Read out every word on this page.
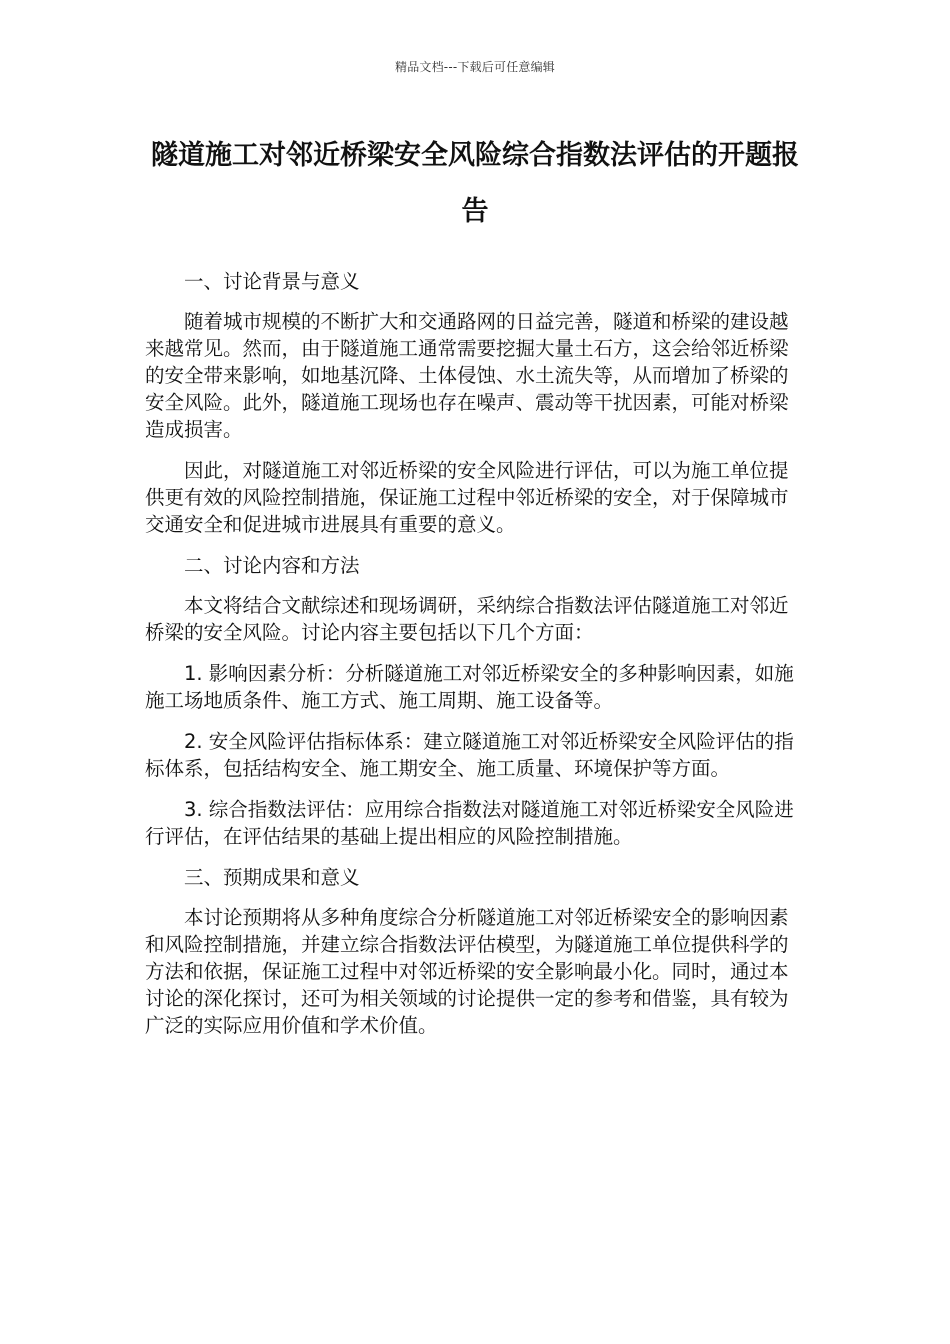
精品文档---下载后可任意编辑
隧道施工对邻近桥梁安全风险综合指数法评估的开题报告

一、讨论背景与意义

随着城市规模的不断扩大和交通路网的日益完善，隧道和桥梁的建设越来越常见。然而，由于隧道施工通常需要挖掘大量土石方，这会给邻近桥梁的安全带来影响，如地基沉降、土体侵蚀、水土流失等，从而增加了桥梁的安全风险。此外，隧道施工现场也存在噪声、震动等干扰因素，可能对桥梁造成损害。

因此，对隧道施工对邻近桥梁的安全风险进行评估，可以为施工单位提供更有效的风险控制措施，保证施工过程中邻近桥梁的安全，对于保障城市交通安全和促进城市进展具有重要的意义。

二、讨论内容和方法

本文将结合文献综述和现场调研，采纳综合指数法评估隧道施工对邻近桥梁的安全风险。讨论内容主要包括以下几个方面：

1. 影响因素分析：分析隧道施工对邻近桥梁安全的多种影响因素，如施施工场地质条件、施工方式、施工周期、施工设备等。

2. 安全风险评估指标体系：建立隧道施工对邻近桥梁安全风险评估的指标体系，包括结构安全、施工期安全、施工质量、环境保护等方面。

3. 综合指数法评估：应用综合指数法对隧道施工对邻近桥梁安全风险进行评估，在评估结果的基础上提出相应的风险控制措施。

三、预期成果和意义

本讨论预期将从多种角度综合分析隧道施工对邻近桥梁安全的影响因素和风险控制措施，并建立综合指数法评估模型，为隧道施工单位提供科学的方法和依据，保证施工过程中对邻近桥梁的安全影响最小化。同时，通过本讨论的深化探讨，还可为相关领域的讨论提供一定的参考和借鉴，具有较为广泛的实际应用价值和学术价值。
